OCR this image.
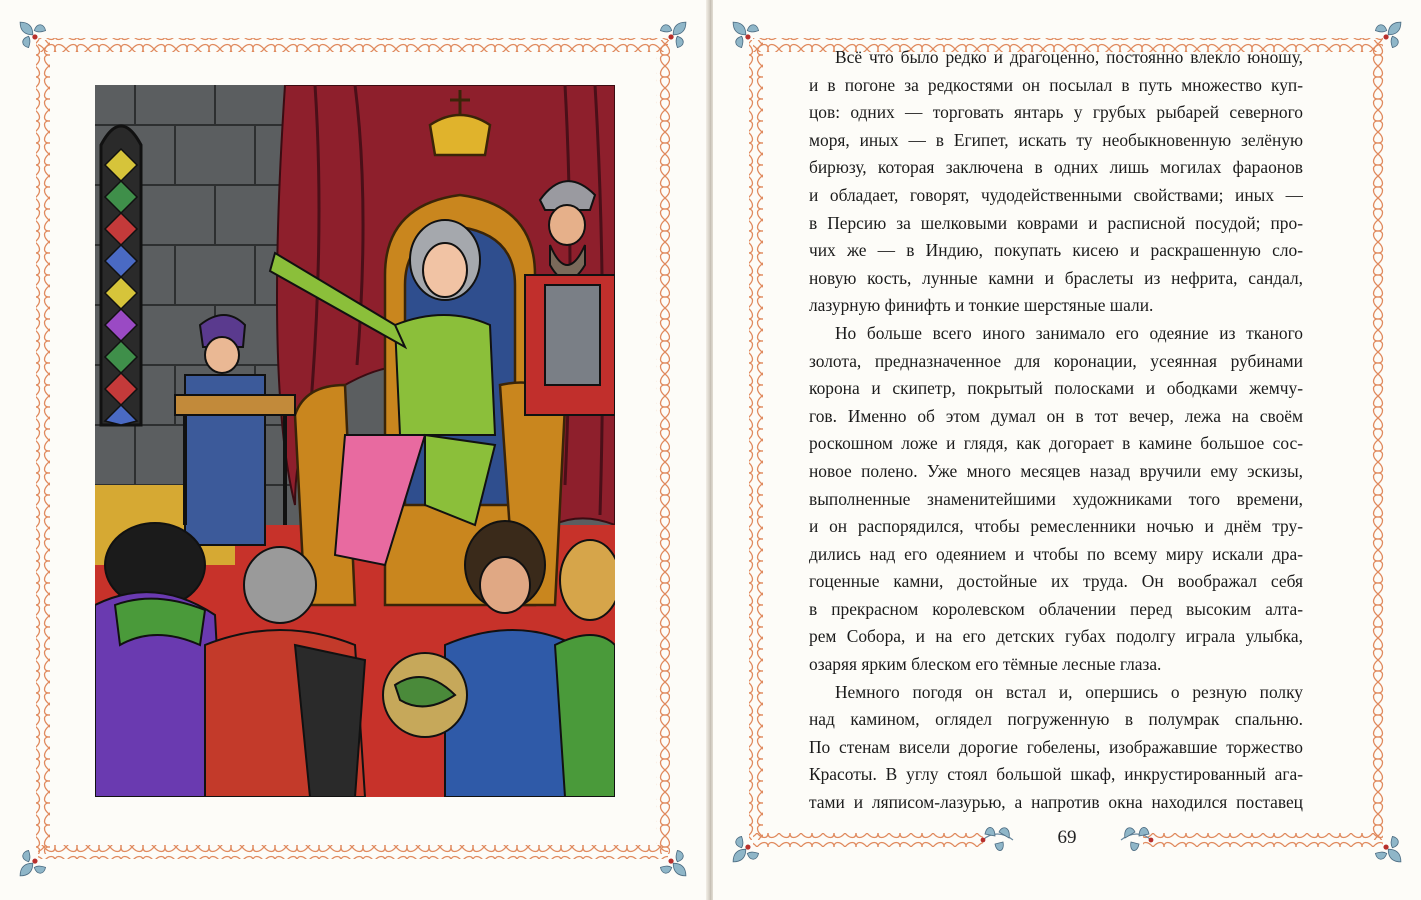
Всё что было редко и драгоценно, постоянно влекло юношу,
и в погоне за редкостями он посылал в путь множество куп-
цов: одних — торговать янтарь у грубых рыбарей северного
моря, иных — в Египет, искать ту необыкновенную зелёную
бирюзу, которая заключена в одних лишь могилах фараонов
и обладает, говорят, чудодейственными свойствами; иных —
в Персию за шелковыми коврами и расписной посудой; про-
чих же — в Индию, покупать кисею и раскрашенную сло-
новую кость, лунные камни и браслеты из нефрита, сандал,
лазурную финифть и тонкие шерстяные шали.
Но больше всего иного занимало его одеяние из тканого
золота, предназначенное для коронации, усеянная рубинами
корона и скипетр, покрытый полосками и ободками жемчу-
гов. Именно об этом думал он в тот вечер, лежа на своём
роскошном ложе и глядя, как догорает в камине большое сос-
новое полено. Уже много месяцев назад вручили ему эскизы,
выполненные знаменитейшими художниками того времени,
и он распорядился, чтобы ремесленники ночью и днём тру-
дились над его одеянием и чтобы по всему миру искали дра-
гоценные камни, достойные их труда. Он воображал себя
в прекрасном королевском облачении перед высоким алта-
рем Собора, и на его детских губах подолгу играла улыбка,
озаряя ярким блеском его тёмные лесные глаза.
Немного погодя он встал и, опершись о резную полку
над камином, оглядел погруженную в полумрак спальню.
По стенам висели дорогие гобелены, изображавшие торжество
Красоты. В углу стоял большой шкаф, инкрустированный ага-
тами и ляписом-лазурью, а напротив окна находился поставец
69
